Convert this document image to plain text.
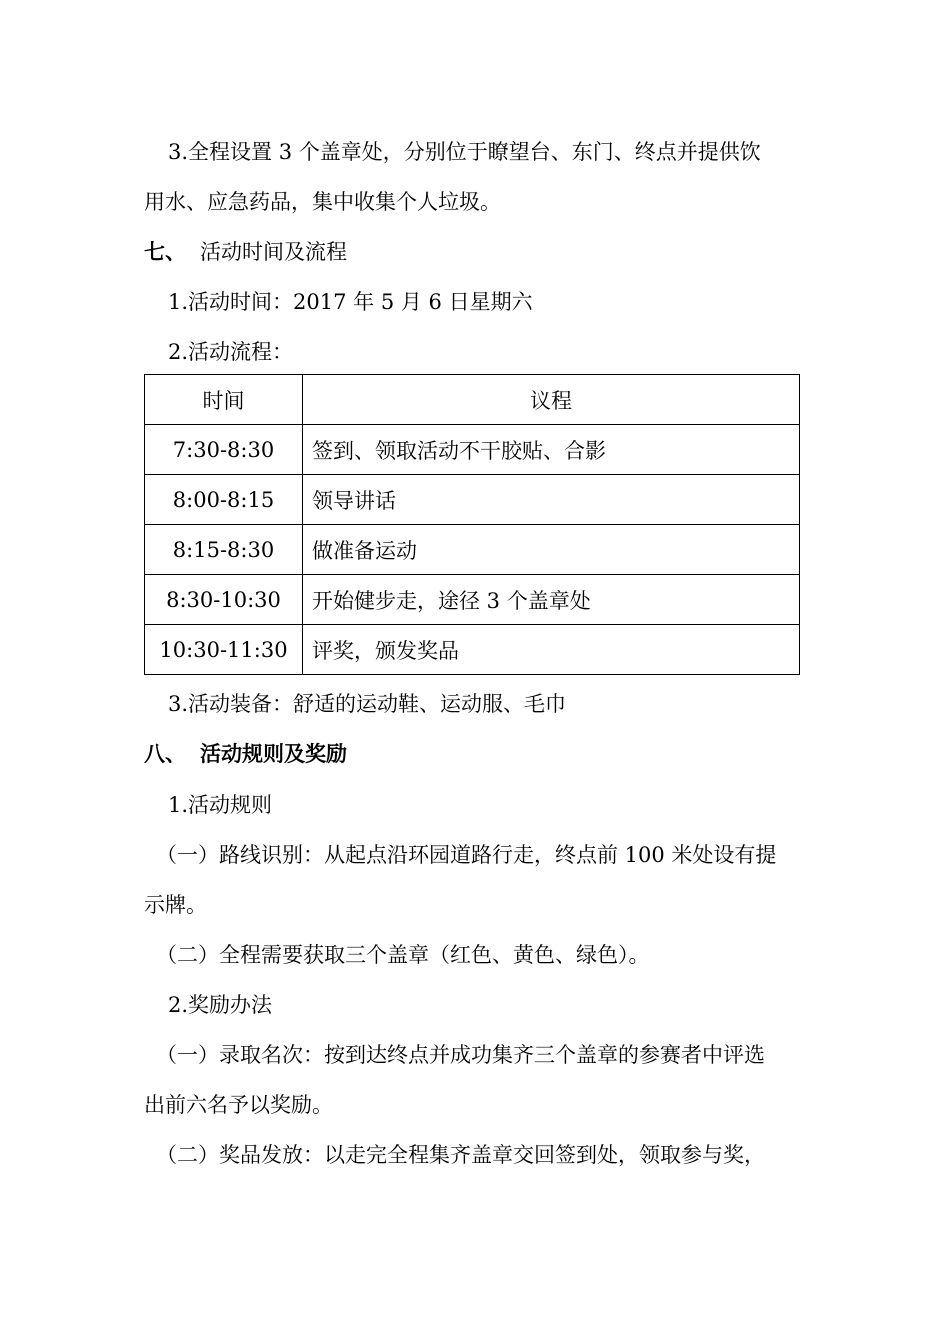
3.全程设置 3 个盖章处，分别位于瞭望台、东门、终点并提供饮
用水、应急药品，集中收集个人垃圾。
七、 活动时间及流程
1.活动时间：2017 年 5 月 6 日星期六
2.活动流程：
时间	议程
7:30-8:30	签到、领取活动不干胶贴、合影
8:00-8:15	领导讲话
8:15-8:30	做准备运动
8:30-10:30	开始健步走，途径 3 个盖章处
10:30-11:30	评奖，颁发奖品
3.活动装备：舒适的运动鞋、运动服、毛巾
八、 活动规则及奖励
1.活动规则
（一）路线识别：从起点沿环园道路行走，终点前 100 米处设有提
示牌。
（二）全程需要获取三个盖章（红色、黄色、绿色）。
2.奖励办法
（一）录取名次：按到达终点并成功集齐三个盖章的参赛者中评选
出前六名予以奖励。
（二）奖品发放：以走完全程集齐盖章交回签到处，领取参与奖，
